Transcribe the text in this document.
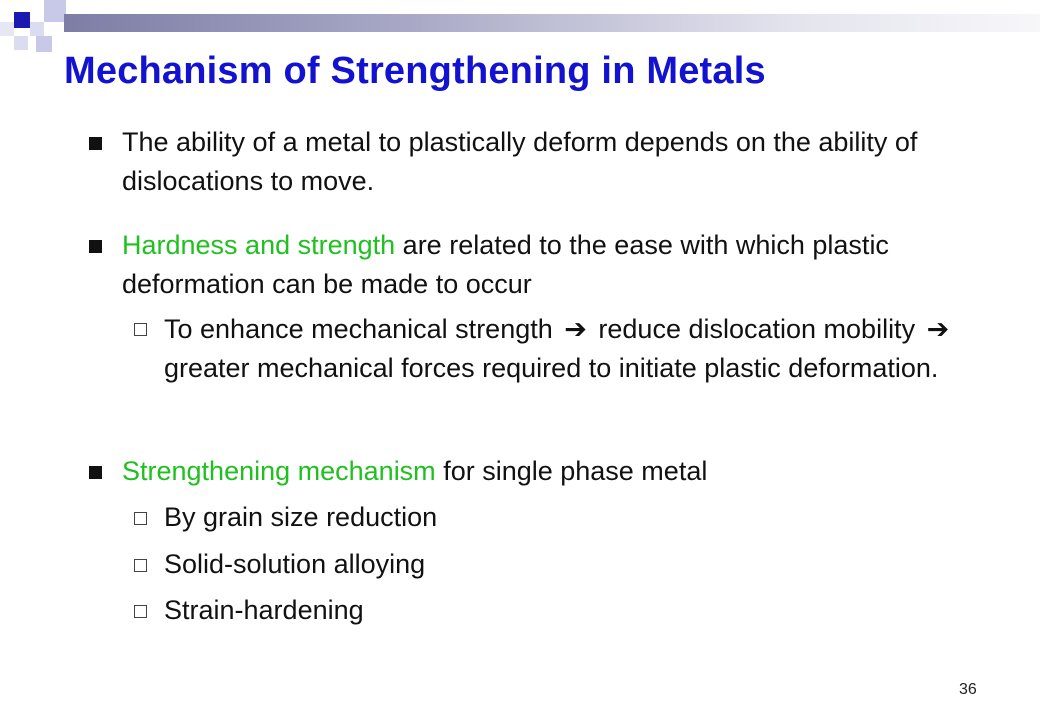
Mechanism of Strengthening in Metals
The ability of a metal to plastically deform depends on the ability of dislocations to move.
Hardness and strength are related to the ease with which plastic deformation can be made to occur
To enhance mechanical strength ➔ reduce dislocation mobility ➔ greater mechanical forces required to initiate plastic deformation.
Strengthening mechanism for single phase metal
By grain size reduction
Solid-solution alloying
Strain-hardening
36
